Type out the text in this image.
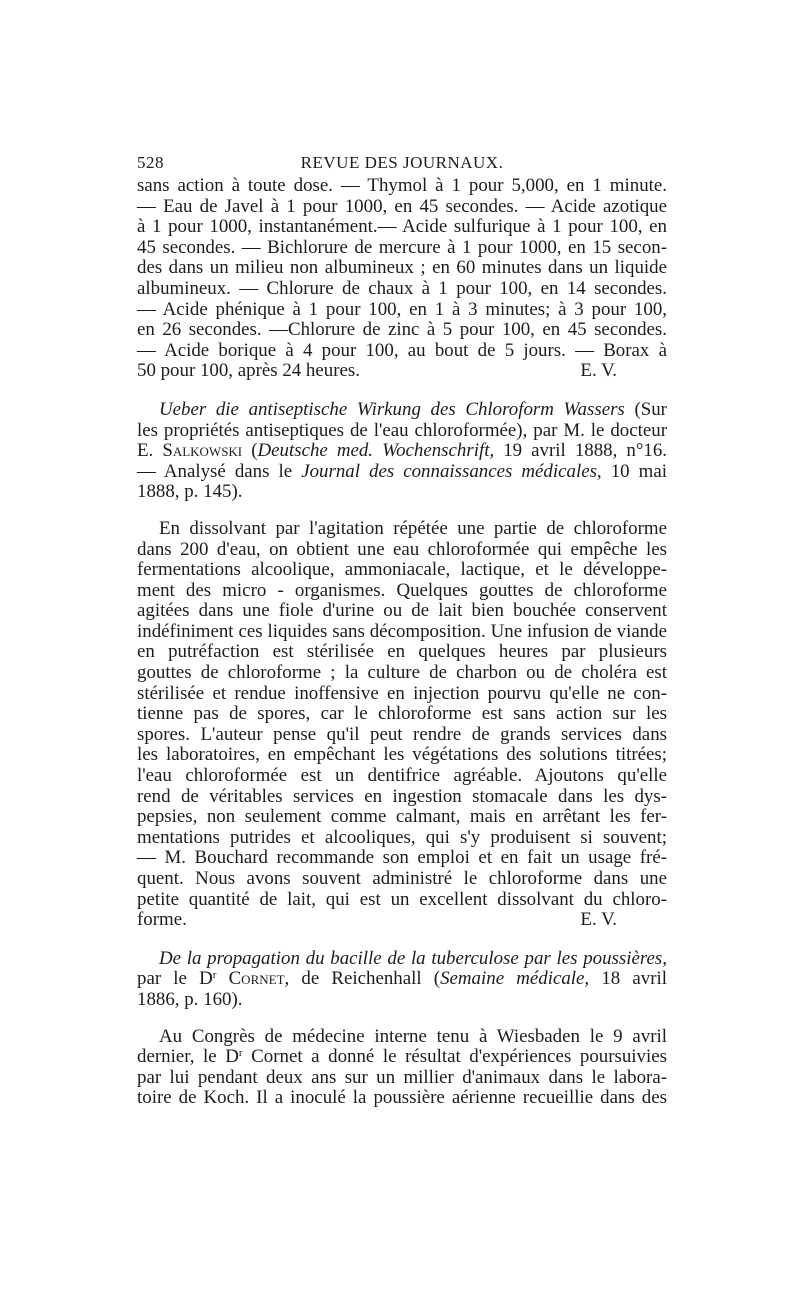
528	REVUE DES JOURNAUX.
sans action à toute dose. — Thymol à 1 pour 5,000, en 1 minute.
— Eau de Javel à 1 pour 1000, en 45 secondes. — Acide azotique
à 1 pour 1000, instantanément.— Acide sulfurique à 1 pour 100, en
45 secondes. — Bichlorure de mercure à 1 pour 1000, en 15 secon-
des dans un milieu non albumineux ; en 60 minutes dans un liquide
albumineux. — Chlorure de chaux à 1 pour 100, en 14 secondes.
— Acide phénique à 1 pour 100, en 1 à 3 minutes; à 3 pour 100,
en 26 secondes. —Chlorure de zinc à 5 pour 100, en 45 secondes.
— Acide borique à 4 pour 100, au bout de 5 jours. — Borax à
50 pour 100, après 24 heures.	E. V.
Ueber die antiseptische Wirkung des Chloroform Wassers (Sur
les propriétés antiseptiques de l'eau chloroformée), par M. le docteur
E. Salkowski (Deutsche med. Wochenschrift, 19 avril 1888, n°16.
— Analysé dans le Journal des connaissances médicales, 10 mai
1888, p. 145).
En dissolvant par l'agitation répétée une partie de chloroforme
dans 200 d'eau, on obtient une eau chloroformée qui empêche les
fermentations alcoolique, ammoniacale, lactique, et le développe-
ment des micro - organismes. Quelques gouttes de chloroforme
agitées dans une fiole d'urine ou de lait bien bouchée conservent
indéfiniment ces liquides sans décomposition. Une infusion de viande
en putréfaction est stérilisée en quelques heures par plusieurs
gouttes de chloroforme ; la culture de charbon ou de choléra est
stérilisée et rendue inoffensive en injection pourvu qu'elle ne con-
tienne pas de spores, car le chloroforme est sans action sur les
spores. L'auteur pense qu'il peut rendre de grands services dans
les laboratoires, en empêchant les végétations des solutions titrées;
l'eau chloroformée est un dentifrice agréable. Ajoutons qu'elle
rend de véritables services en ingestion stomacale dans les dys-
pepsies, non seulement comme calmant, mais en arrêtant les fer-
mentations putrides et alcooliques, qui s'y produisent si souvent;
— M. Bouchard recommande son emploi et en fait un usage fré-
quent. Nous avons souvent administré le chloroforme dans une
petite quantité de lait, qui est un excellent dissolvant du chloro-
forme.	E. V.
De la propagation du bacille de la tuberculose par les poussières,
par le $D^r$ Cornet, de Reichenhall (Semaine médicale, 18 avril
1886, p. 160).
Au Congrès de médecine interne tenu à Wiesbaden le 9 avril
dernier, le $D^r$ Cornet a donné le résultat d'expériences poursuivies
par lui pendant deux ans sur un millier d'animaux dans le labora-
toire de Koch. Il a inoculé la poussière aérienne recueillie dans des
